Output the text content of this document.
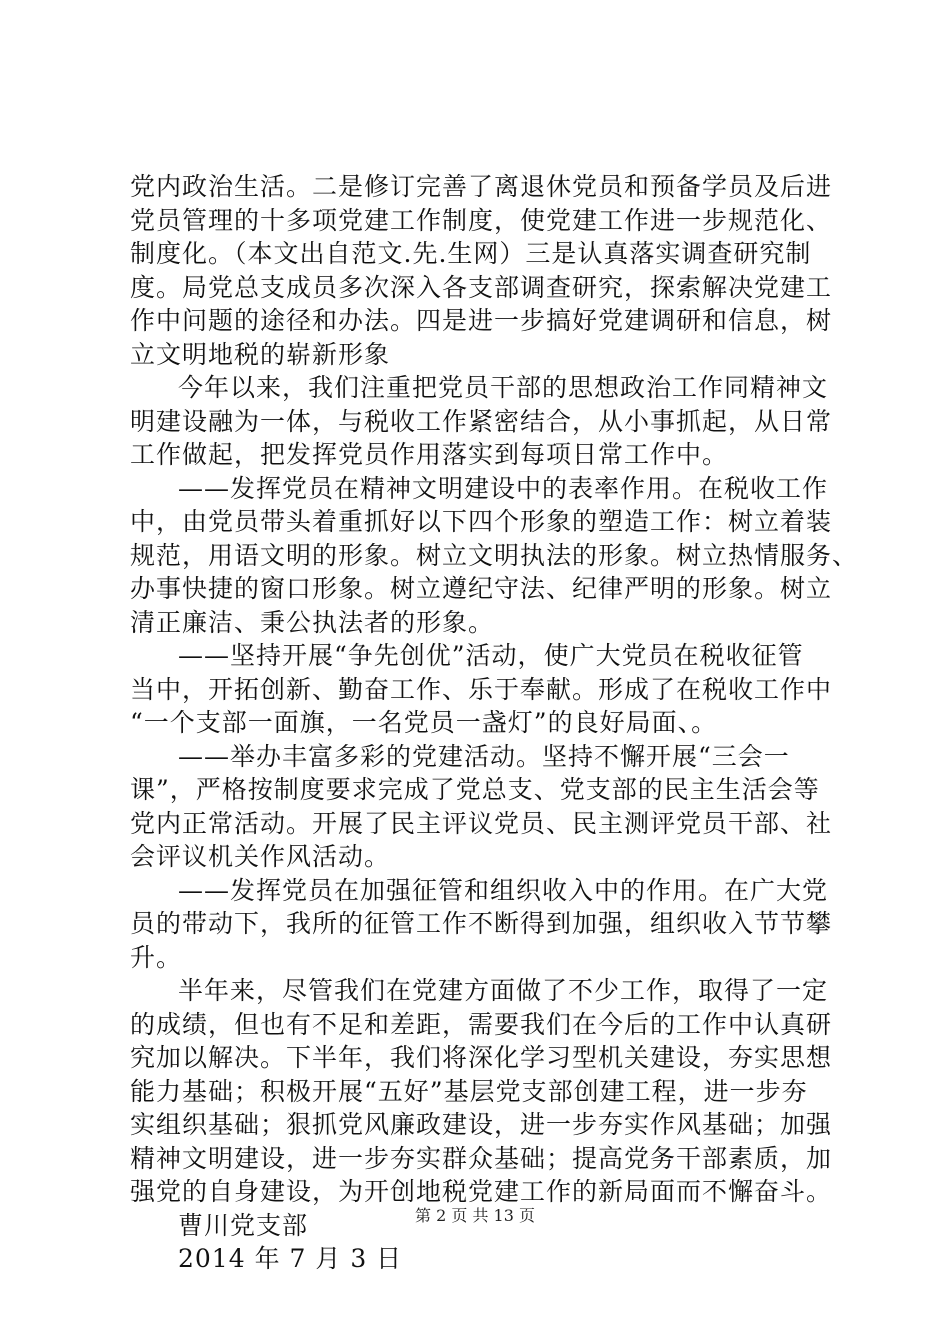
党内政治生活。二是修订完善了离退休党员和预备学员及后进
党员管理的十多项党建工作制度，使党建工作进一步规范化、
制度化。（本文出自范文.先.生网）三是认真落实调查研究制
度。局党总支成员多次深入各支部调查研究，探索解决党建工
作中问题的途径和办法。四是进一步搞好党建调研和信息，树
立文明地税的崭新形象
今年以来，我们注重把党员干部的思想政治工作同精神文
明建设融为一体，与税收工作紧密结合，从小事抓起，从日常
工作做起，把发挥党员作用落实到每项日常工作中。
——发挥党员在精神文明建设中的表率作用。在税收工作
中，由党员带头着重抓好以下四个形象的塑造工作：树立着装
规范，用语文明的形象。树立文明执法的形象。树立热情服务、
办事快捷的窗口形象。树立遵纪守法、纪律严明的形象。树立
清正廉洁、秉公执法者的形象。
——坚持开展“争先创优”活动，使广大党员在税收征管
当中，开拓创新、勤奋工作、乐于奉献。形成了在税收工作中
“一个支部一面旗，一名党员一盏灯”的良好局面、。
——举办丰富多彩的党建活动。坚持不懈开展“三会一
课”，严格按制度要求完成了党总支、党支部的民主生活会等
党内正常活动。开展了民主评议党员、民主测评党员干部、社
会评议机关作风活动。
——发挥党员在加强征管和组织收入中的作用。在广大党
员的带动下，我所的征管工作不断得到加强，组织收入节节攀
升。
半年来，尽管我们在党建方面做了不少工作，取得了一定
的成绩，但也有不足和差距，需要我们在今后的工作中认真研
究加以解决。下半年，我们将深化学习型机关建设，夯实思想
能力基础；积极开展“五好”基层党支部创建工程，进一步夯
实组织基础；狠抓党风廉政建设，进一步夯实作风基础；加强
精神文明建设，进一步夯实群众基础；提高党务干部素质，加
强党的自身建设，为开创地税党建工作的新局面而不懈奋斗。
曹川党支部
2014 年 7 月 3 日
第 2 页 共 13 页
